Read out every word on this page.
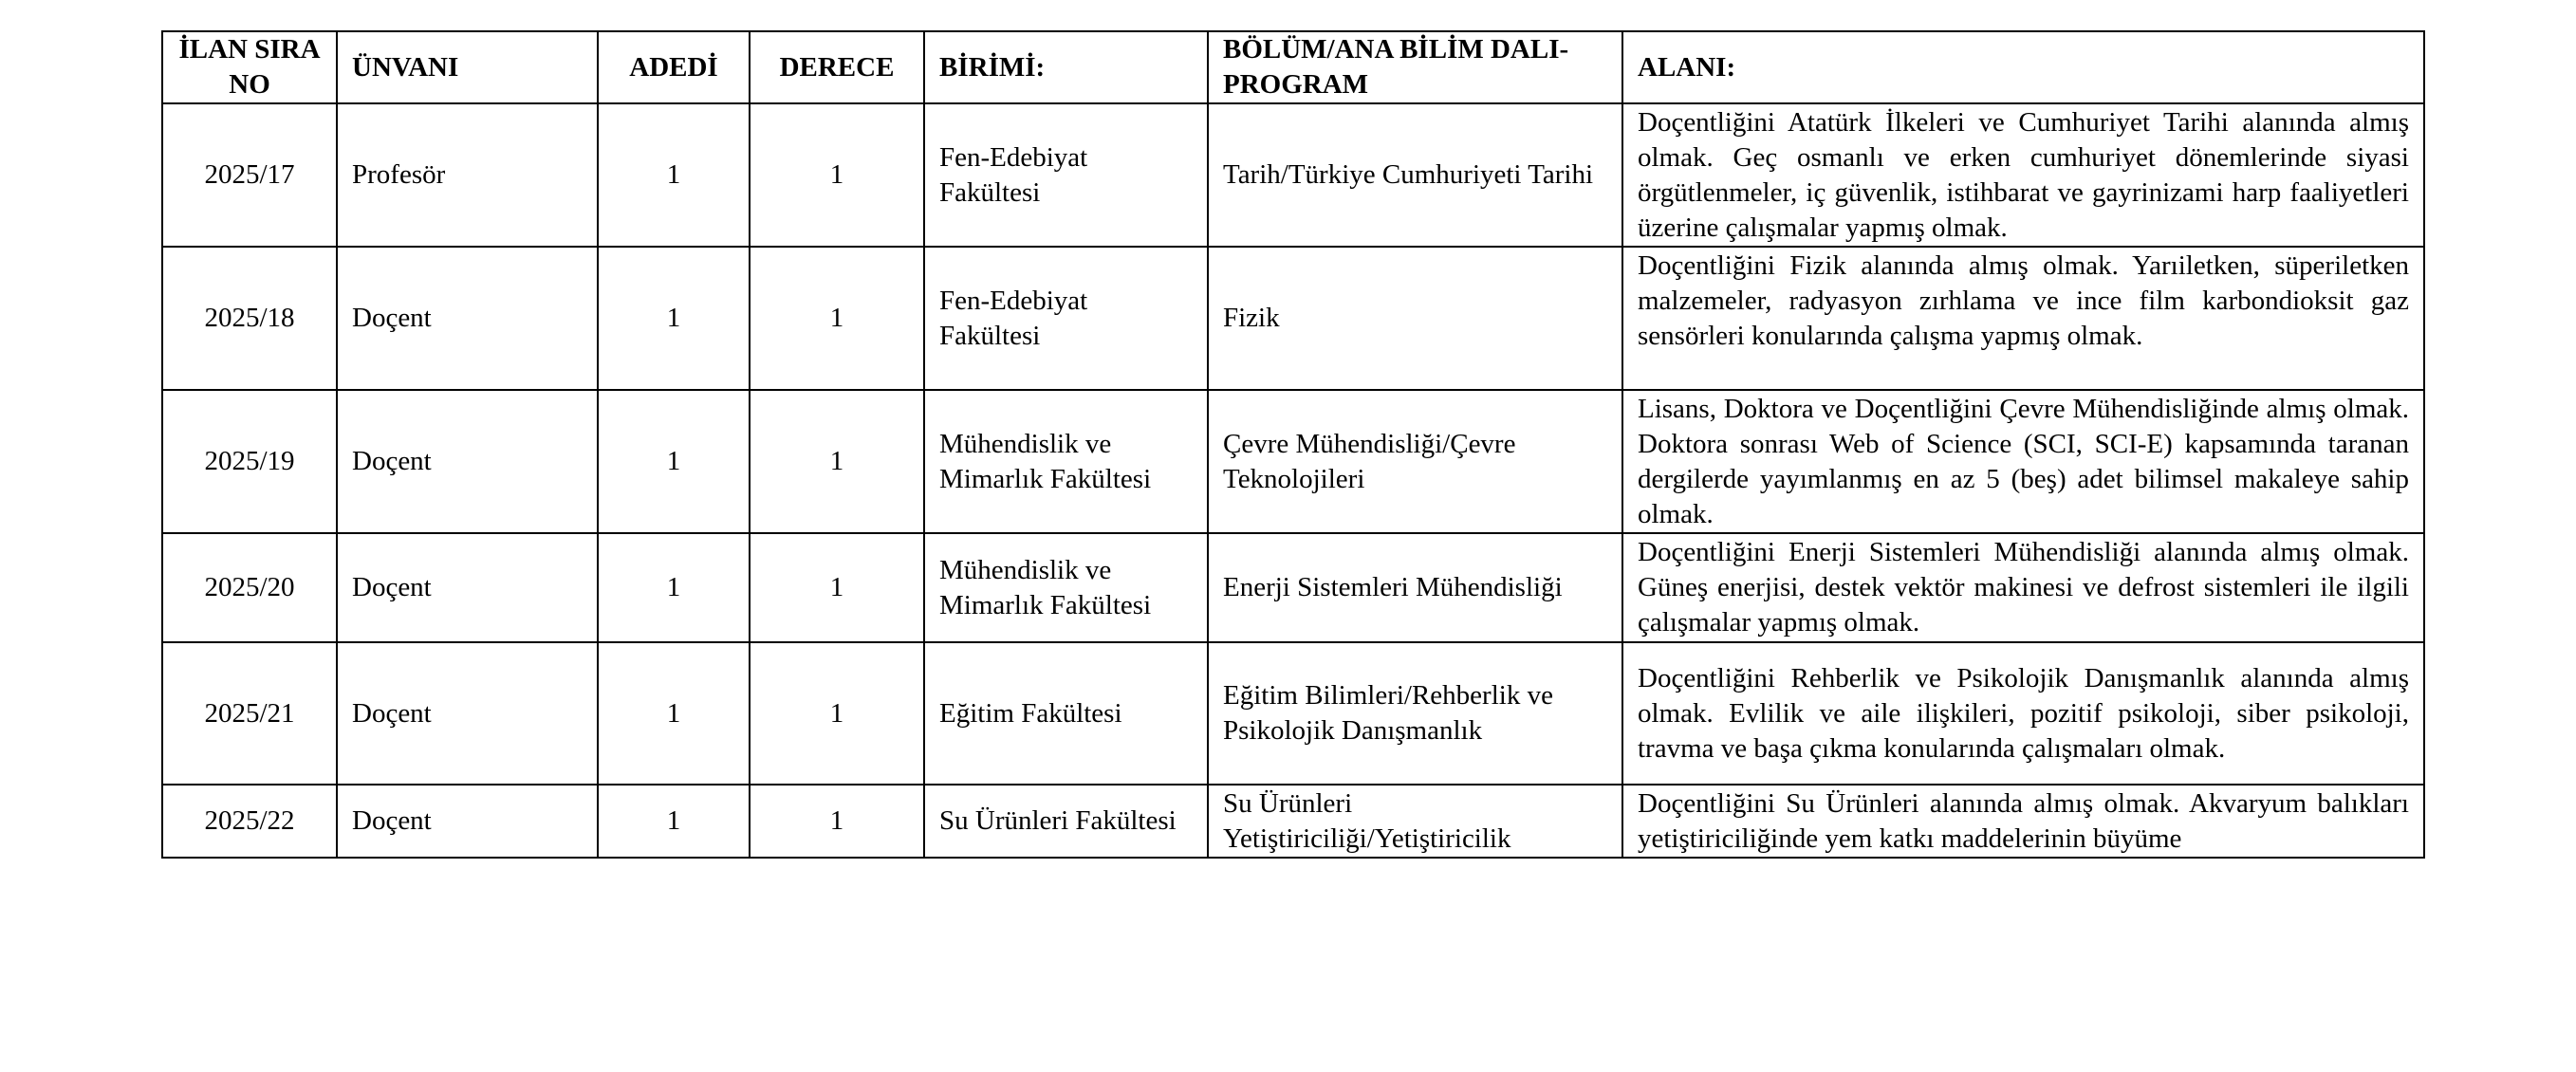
İLAN SIRA NO	ÜNVANI	ADEDİ	DERECE	BİRİMİ:	BÖLÜM/ANA BİLİM DALI-PROGRAM	ALANI:
2025/17	Profesör	1	1	Fen-Edebiyat Fakültesi	Tarih/Türkiye Cumhuriyeti Tarihi	Doçentliğini Atatürk İlkeleri ve Cumhuriyet Tarihi alanında almış olmak. Geç osmanlı ve erken cumhuriyet dönemlerinde siyasi örgütlenmeler, iç güvenlik, istihbarat ve gayrinizami harp faaliyetleri üzerine çalışmalar yapmış olmak.
2025/18	Doçent	1	1	Fen-Edebiyat Fakültesi	Fizik	Doçentliğini Fizik alanında almış olmak. Yarıiletken, süperiletken malzemeler, radyasyon zırhlama ve ince film karbondioksit gaz sensörleri konularında çalışma yapmış olmak.
2025/19	Doçent	1	1	Mühendislik ve Mimarlık Fakültesi	Çevre Mühendisliği/Çevre Teknolojileri	Lisans, Doktora ve Doçentliğini Çevre Mühendisliğinde almış olmak. Doktora sonrası Web of Science (SCI, SCI-E) kapsamında taranan dergilerde yayımlanmış en az 5 (beş) adet bilimsel makaleye sahip olmak.
2025/20	Doçent	1	1	Mühendislik ve Mimarlık Fakültesi	Enerji Sistemleri Mühendisliği	Doçentliğini Enerji Sistemleri Mühendisliği alanında almış olmak. Güneş enerjisi, destek vektör makinesi ve defrost sistemleri ile ilgili çalışmalar yapmış olmak.
2025/21	Doçent	1	1	Eğitim Fakültesi	Eğitim Bilimleri/Rehberlik ve Psikolojik Danışmanlık	Doçentliğini Rehberlik ve Psikolojik Danışmanlık alanında almış olmak. Evlilik ve aile ilişkileri, pozitif psikoloji, siber psikoloji, travma ve başa çıkma konularında çalışmaları olmak.
2025/22	Doçent	1	1	Su Ürünleri Fakültesi	Su Ürünleri Yetiştiriciliği/Yetiştiricilik	Doçentliğini Su Ürünleri alanında almış olmak. Akvaryum balıkları yetiştiriciliğinde yem katkı maddelerinin büyüme
